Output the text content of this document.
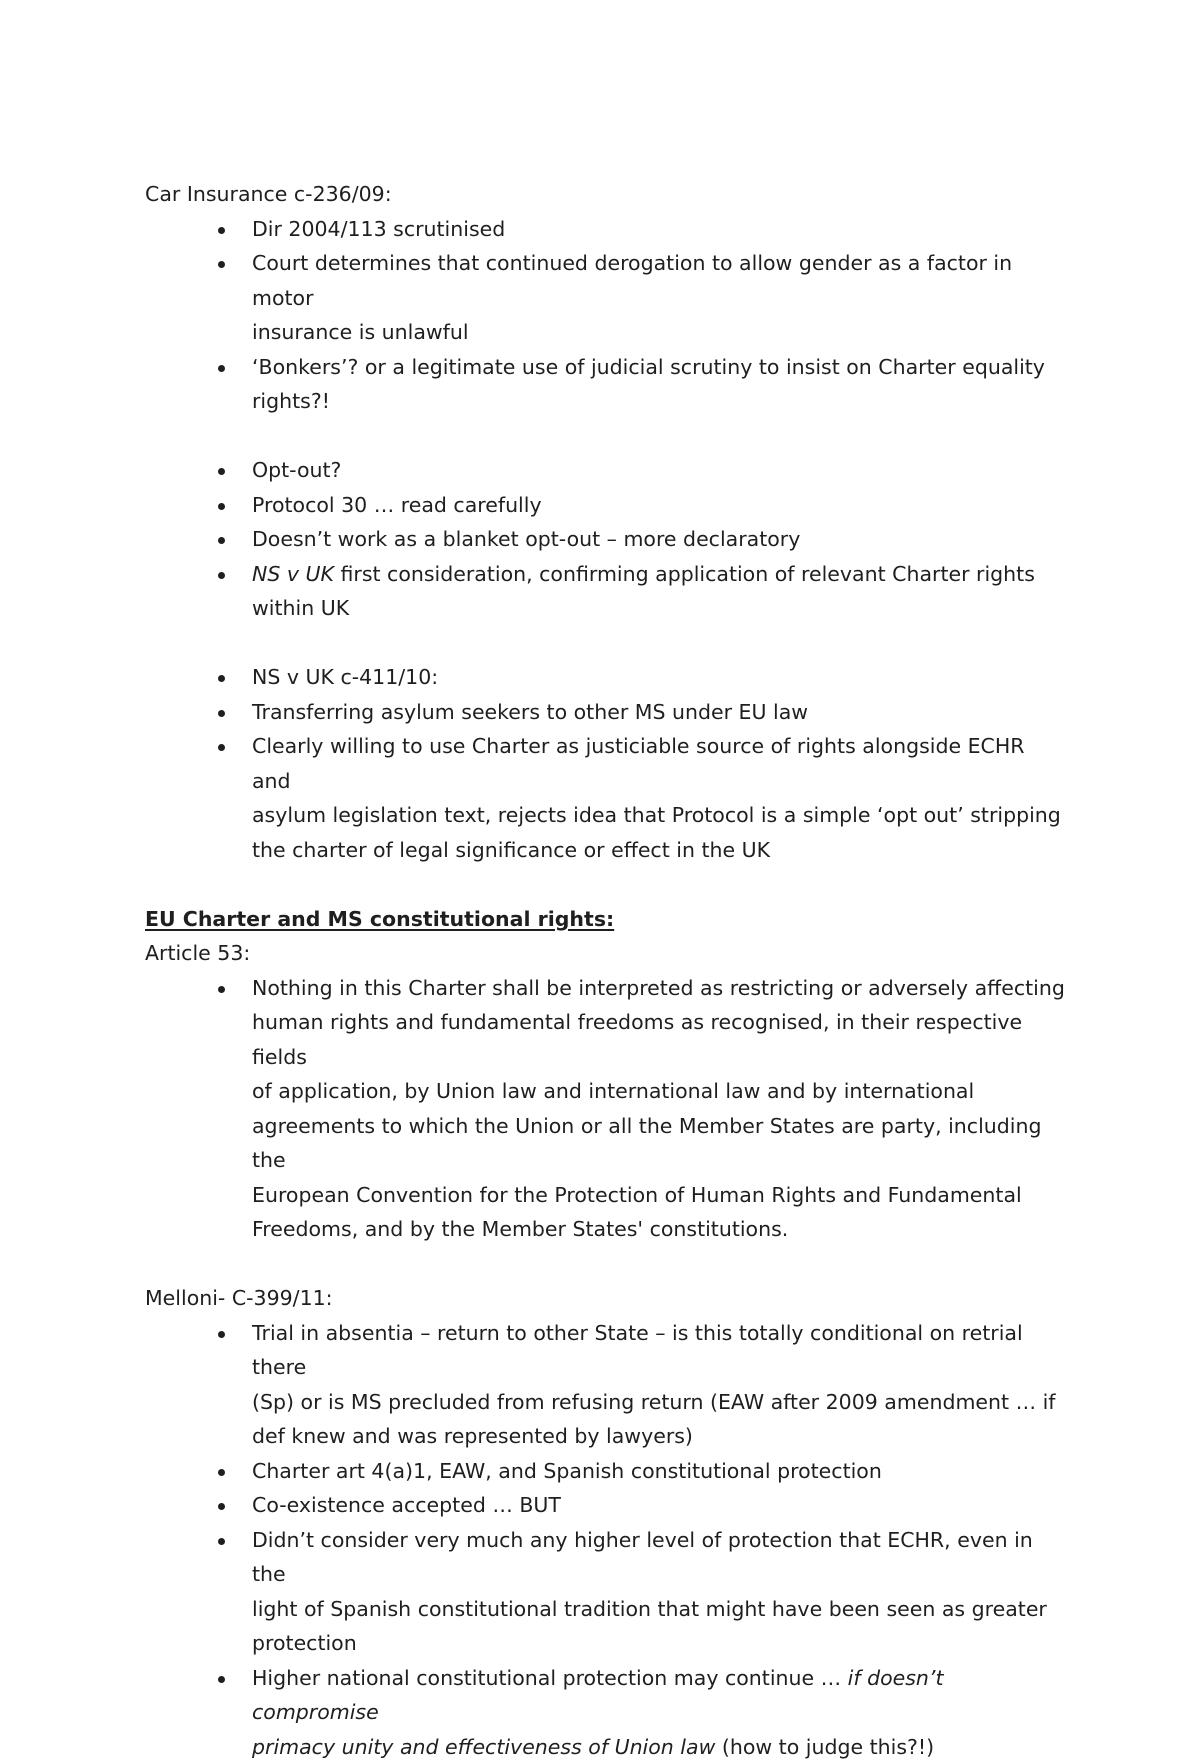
Car Insurance c-236/09:

Dir 2004/113 scrutinised
Court determines that continued derogation to allow gender as a factor in motor
insurance is unlawful
‘Bonkers’? or a legitimate use of judicial scrutiny to insist on Charter equality
rights?!
Opt-out?
Protocol 30 … read carefully
Doesn’t work as a blanket opt-out – more declaratory
NS v UK first consideration, confirming application of relevant Charter rights
within UK
NS v UK c-411/10:
Transferring asylum seekers to other MS under EU law
Clearly willing to use Charter as justiciable source of rights alongside ECHR and
asylum legislation text, rejects idea that Protocol is a simple ‘opt out’ stripping
the charter of legal significance or effect in the UK

EU Charter and MS constitutional rights:

Article 53:

Nothing in this Charter shall be interpreted as restricting or adversely affecting
human rights and fundamental freedoms as recognised, in their respective fields
of application, by Union law and international law and by international
agreements to which the Union or all the Member States are party, including the
European Convention for the Protection of Human Rights and Fundamental
Freedoms, and by the Member States' constitutions.

Melloni- C-399/11:

Trial in absentia – return to other State – is this totally conditional on retrial there
(Sp) or is MS precluded from refusing return (EAW after 2009 amendment … if
def knew and was represented by lawyers)
Charter art 4(a)1, EAW, and Spanish constitutional protection
Co-existence accepted … BUT
Didn’t consider very much any higher level of protection that ECHR, even in the
light of Spanish constitutional tradition that might have been seen as greater
protection
Higher national constitutional protection may continue … if doesn’t compromise
primacy unity and effectiveness of Union law (how to judge this?!)
